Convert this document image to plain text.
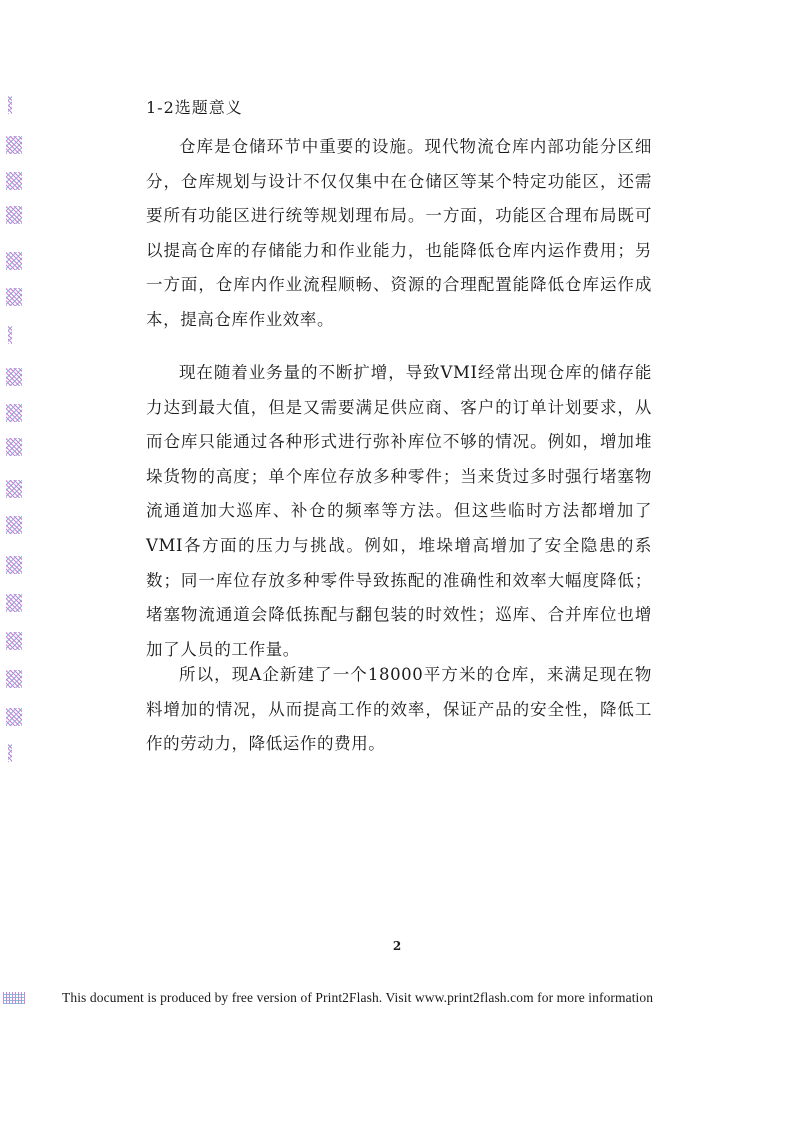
1-2选题意义

仓库是仓储环节中重要的设施。现代物流仓库内部功能分区细分，仓库规划与设计不仅仅集中在仓储区等某个特定功能区，还需要所有功能区进行统等规划理布局。一方面，功能区合理布局既可以提高仓库的存储能力和作业能力，也能降低仓库内运作费用；另一方面，仓库内作业流程顺畅、资源的合理配置能降低仓库运作成本，提高仓库作业效率。

现在随着业务量的不断扩增，导致VMI经常出现仓库的储存能力达到最大值，但是又需要满足供应商、客户的订单计划要求，从而仓库只能通过各种形式进行弥补库位不够的情况。例如，增加堆垛货物的高度；单个库位存放多种零件；当来货过多时强行堵塞物流通道加大巡库、补仓的频率等方法。但这些临时方法都增加了 VMI各方面的压力与挑战。例如，堆垛增高增加了安全隐患的系数；同一库位存放多种零件导致拣配的准确性和效率大幅度降低；堵塞物流通道会降低拣配与翻包装的时效性；巡库、合并库位也增加了人员的工作量。

所以，现A企新建了一个18000平方米的仓库，来满足现在物料增加的情况，从而提高工作的效率，保证产品的安全性，降低工作的劳动力，降低运作的费用。

2
This document is produced by free version of Print2Flash. Visit www.print2flash.com for more information
